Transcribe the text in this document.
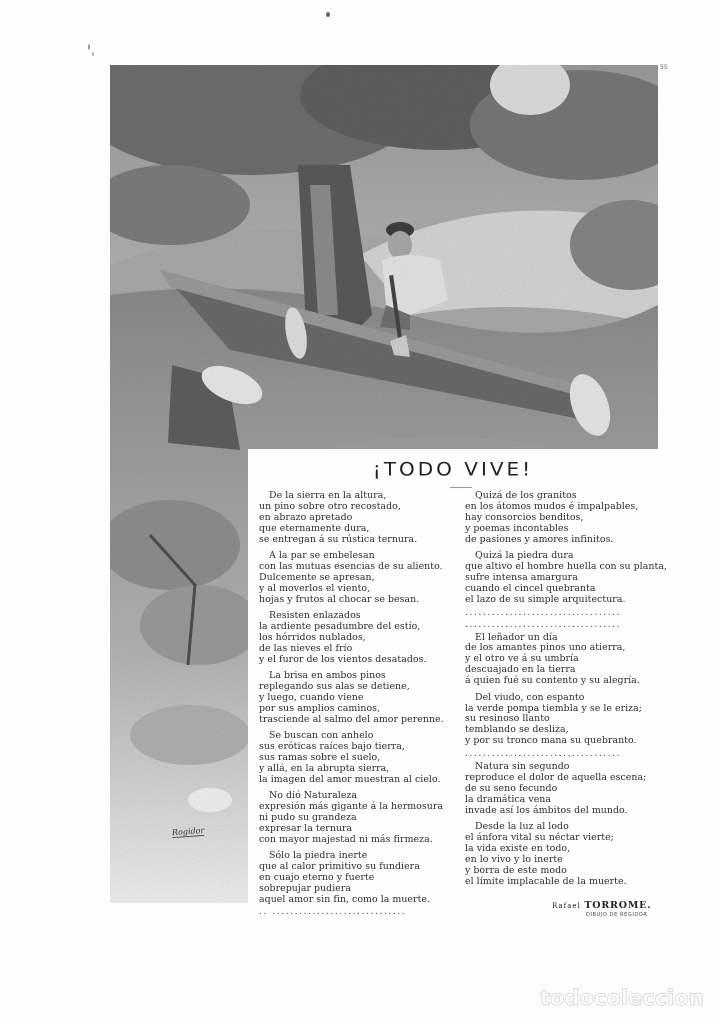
55
Rogidor
¡TODO VIVE!
De la sierra en la altura,
un pino sobre otro recostado,
en abrazo apretado
que eternamente dura,
se entregan á su rústica ternura.
A la par se embelesan
con las mutuas esencias de su aliento.
Dulcemente se apresan,
y al moverlos el viento,
hojas y frutos al chocar se besan.
Resisten enlazados
la ardiente pesadumbre del estío,
los hórridos nublados,
de las nieves el frío
y el furor de los vientos desatados.
La brisa en ambos pinos
replegando sus alas se detiene,
y luego, cuando viene
por sus amplios caminos,
trasciende al salmo del amor perenne.
Se buscan con anhelo
sus eróticas raíces bajo tierra,
sus ramas sobre el suelo,
y allá, en la abrupta sierra,
la imagen del amor muestran al cielo.
No dió Naturaleza
expresión más gigante á la hermosura
ni pudo su grandeza
expresar la ternura
con mayor majestad ni más firmeza.
Sólo la piedra inerte
que al calor primitivo su fundiera
en cuajo eterno y fuerte
sobrepujar pudiera
aquel amor sin fin, como la muerte.
.. ..............................
Quizá de los granitos
en los átomos mudos é impalpables,
hay consorcios benditos,
y poemas incontables
de pasiones y amores infinitos.
Quizá la piedra dura
que altivo el hombre huella con su planta,
sufre intensa amargura
cuando el cincel quebranta
el lazo de su simple arquitectura.
...................................
...................................
El leñador un día
de los amantes pinos uno atierra,
y el otro ve á su umbría
descuajado en la tierra
á quien fué su contento y su alegría.
Del viudo, con espanto
la verde pompa tiembla y se le eriza;
su resinoso llanto
temblando se desliza,
y por su tronco mana su quebranto.
...................................
Natura sin segundo
reproduce el dolor de aquella escena;
de su seno fecundo
la dramática vena
invade así los ámbitos del mundo.
Desde la luz al lodo
el ánfora vital su néctar vierte;
la vida existe en todo,
en lo vivo y lo inerte
y borra de este modo
el límite implacable de la muerte.
Rafael TORROME.
DIBUJO DE REGIDOR
todocoleccion
